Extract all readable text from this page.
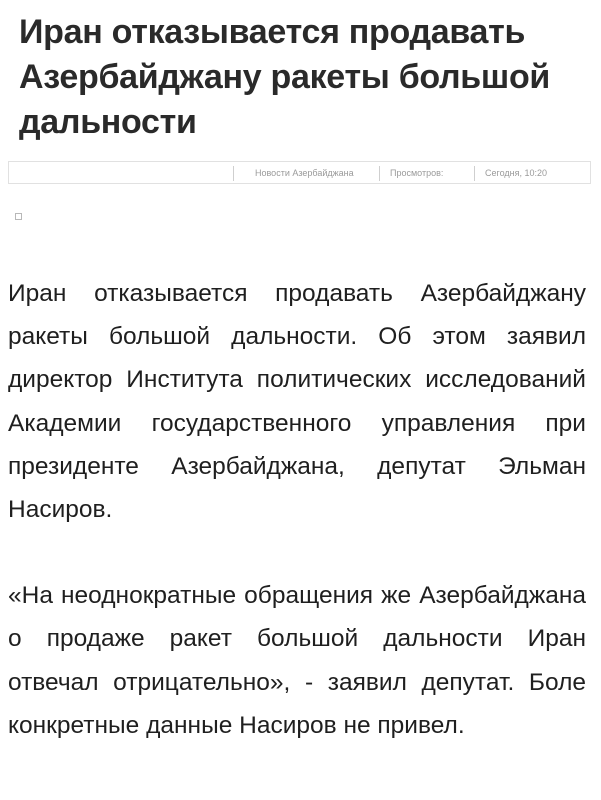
Иран отказывается продавать Азербайджану ракеты большой дальности
Новости Азербайджана	Просмотров:	Сегодня, 10:20

Иран отказывается продавать Азербайджану ракеты большой дальности. Об этом заявил директор Института политических исследований Академии государственного управления при президенте Азербайджана, депутат Эльман Насиров.

«На неоднократные обращения же Азербайджана о продаже ракет большой дальности Иран отвечал отрицательно», - заявил депутат. Боле конкретные данные Насиров не привел.
